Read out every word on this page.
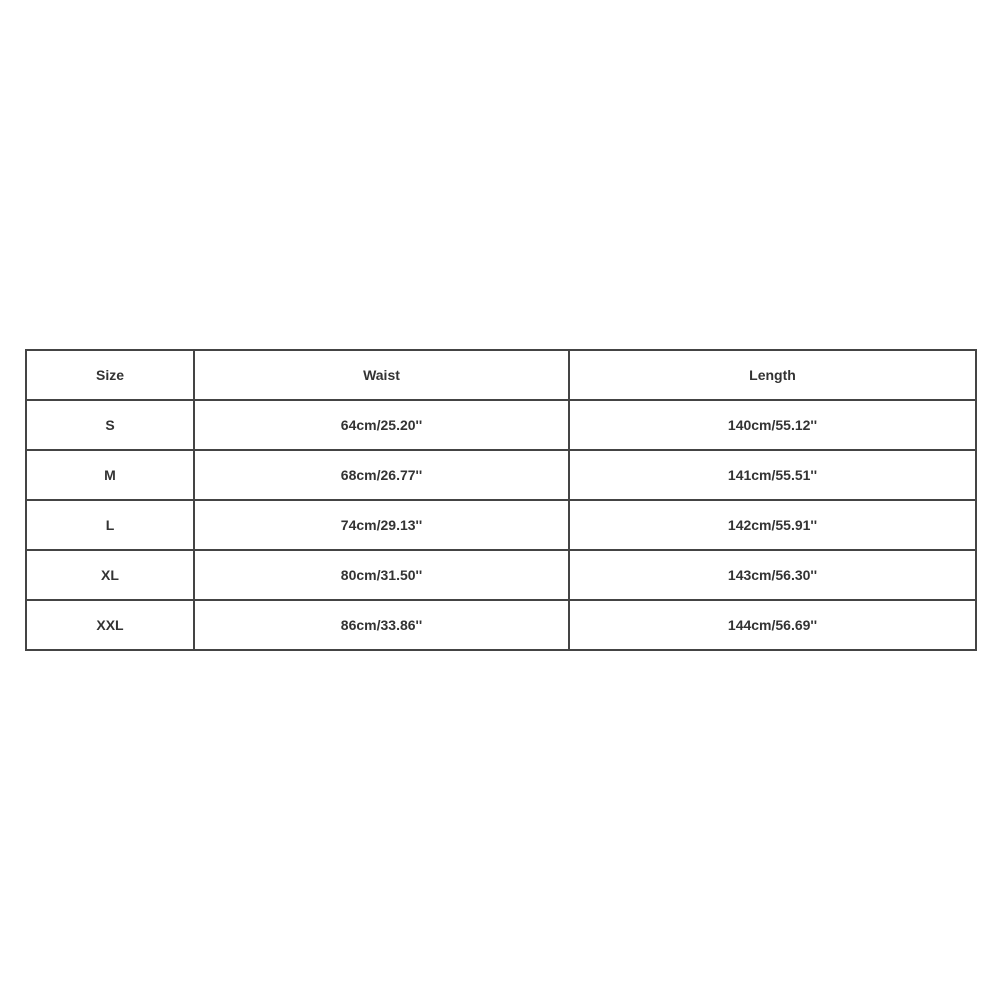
Size	Waist	Length
S	64cm/25.20''	140cm/55.12''
M	68cm/26.77''	141cm/55.51''
L	74cm/29.13''	142cm/55.91''
XL	80cm/31.50''	143cm/56.30''
XXL	86cm/33.86''	144cm/56.69''
